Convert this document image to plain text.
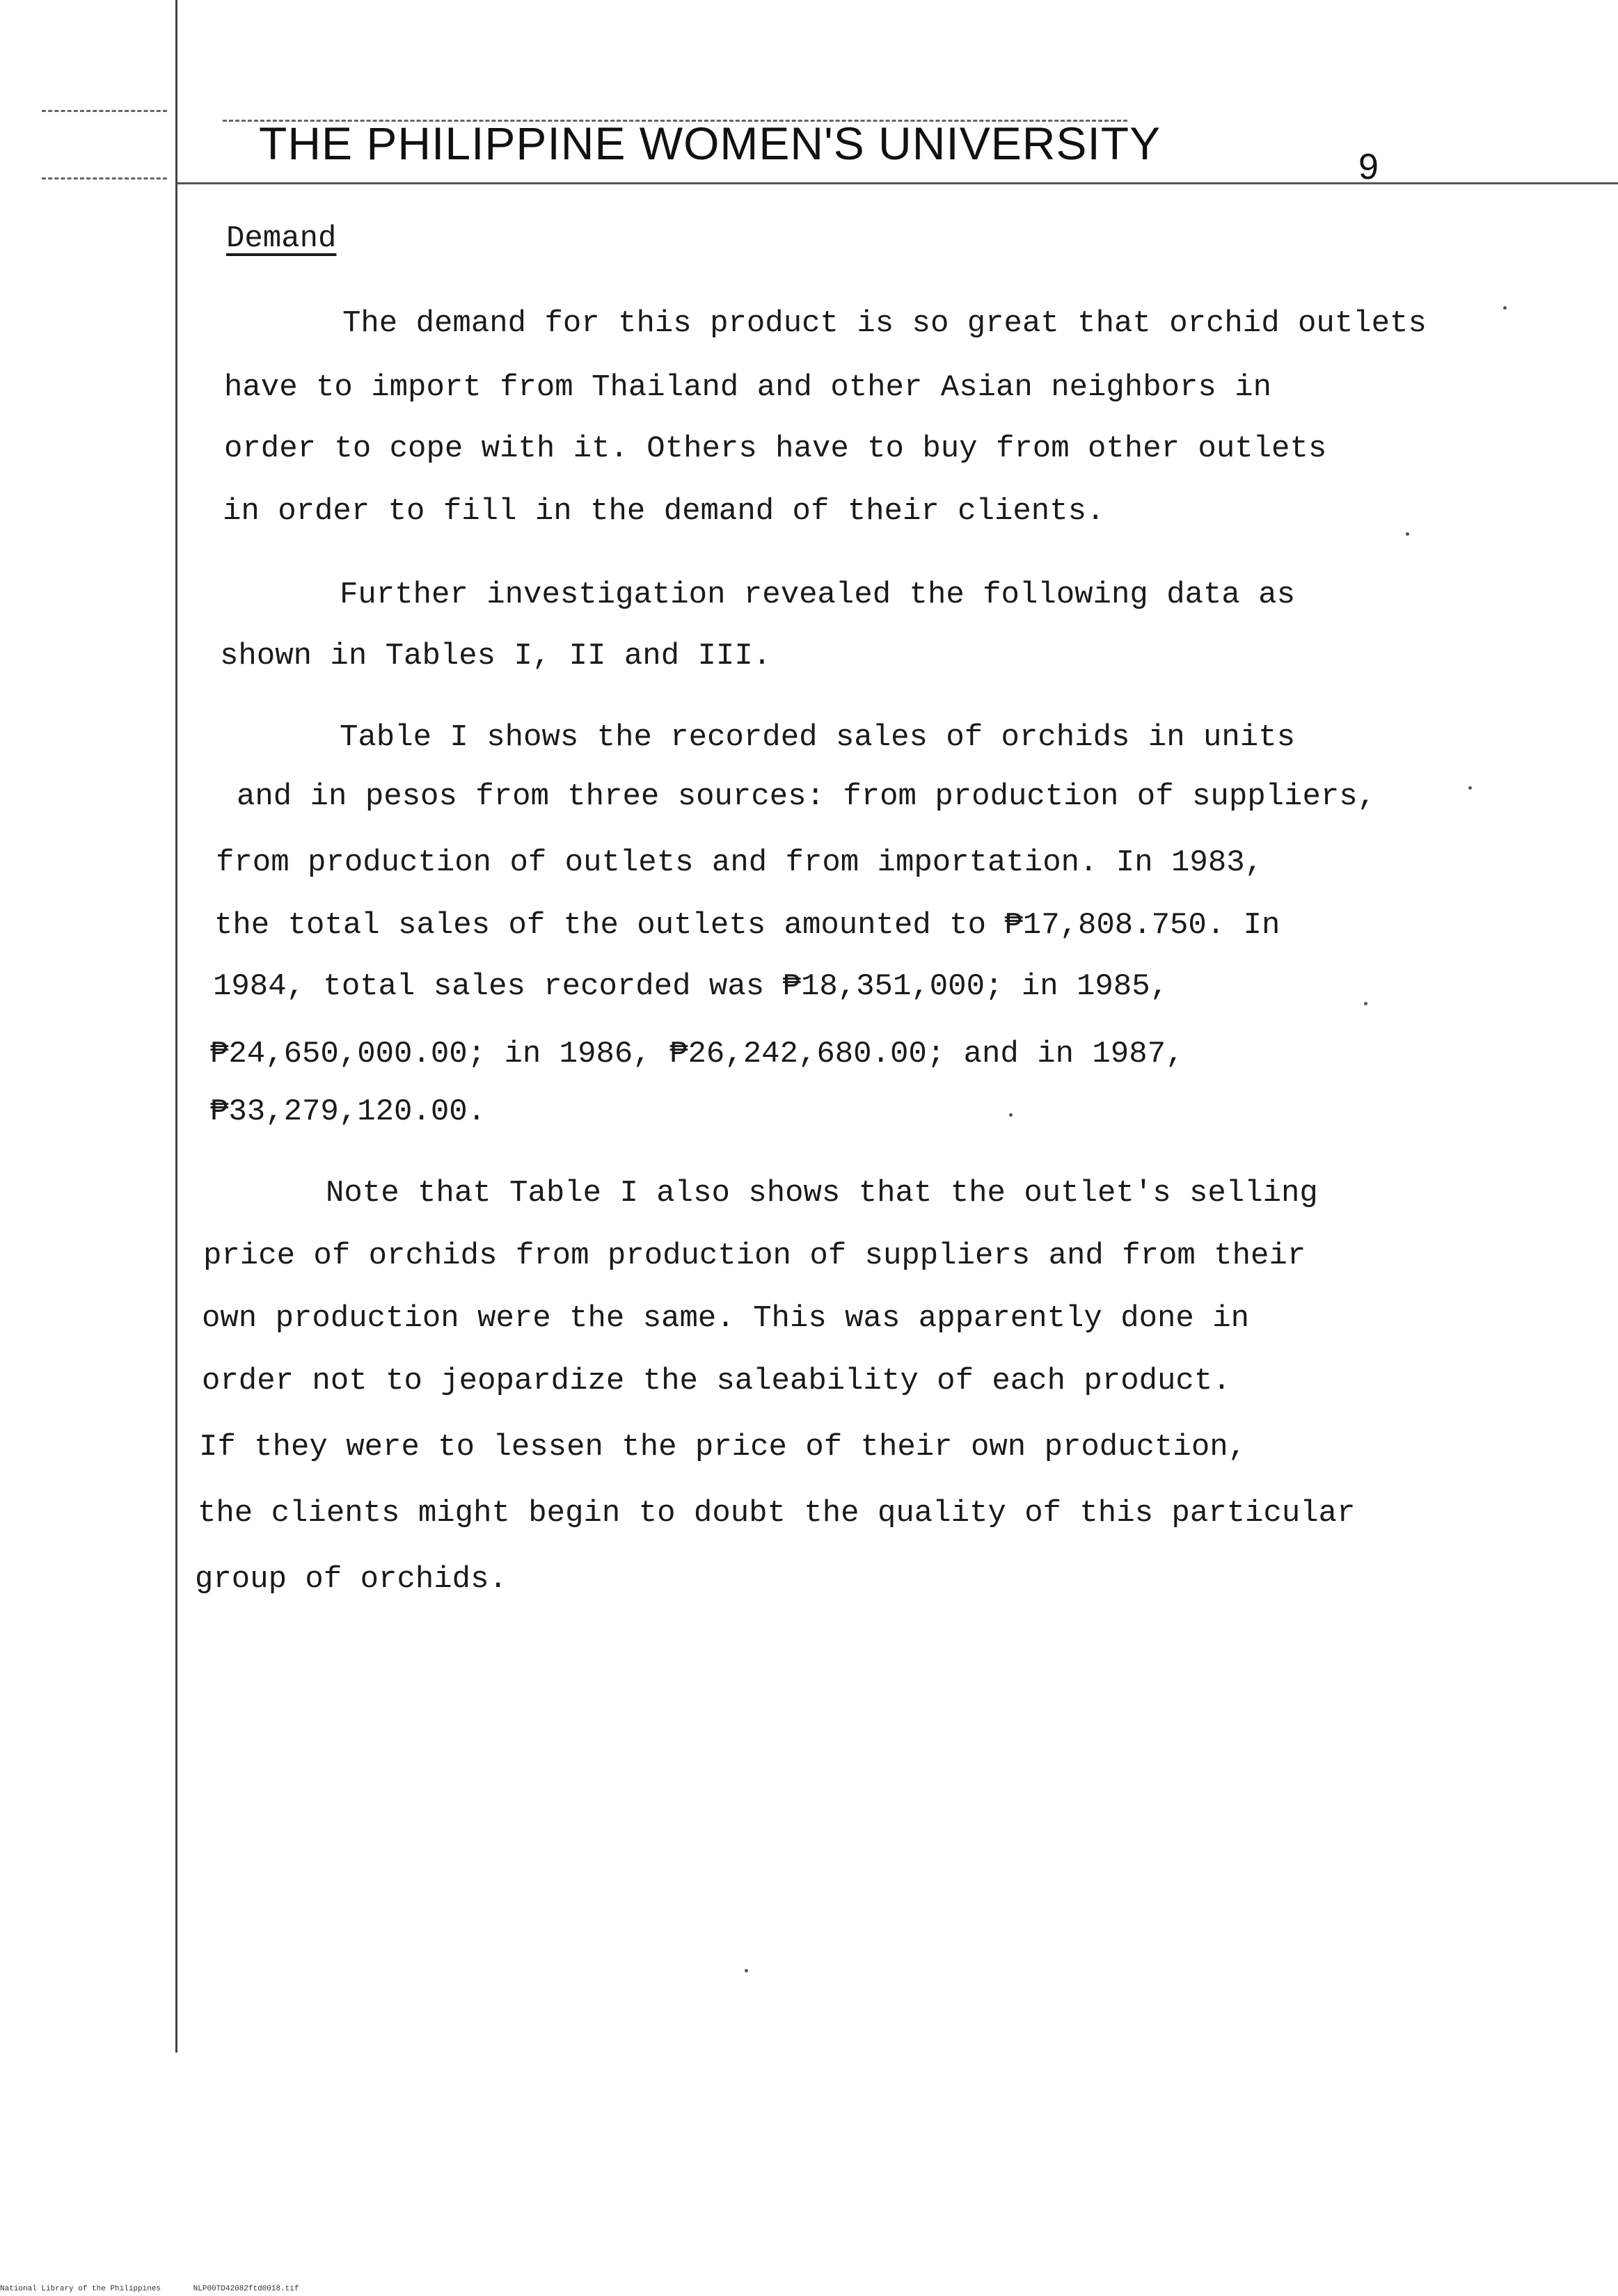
THE PHILIPPINE WOMEN'S UNIVERSITY	9
Demand
The demand for this product is so great that orchid outlets
have to import from Thailand and other Asian neighbors in
order to cope with it. Others have to buy from other outlets
in order to fill in the demand of their clients.
Further investigation revealed the following data as
shown in Tables I, II and III.
Table I shows the recorded sales of orchids in units
and in pesos from three sources: from production of suppliers,
from production of outlets and from importation. In 1983,
the total sales of the outlets amounted to ₱17,808.750. In
1984, total sales recorded was ₱18,351,000; in 1985,
₱24,650,000.00; in 1986, ₱26,242,680.00; and in 1987,
₱33,279,120.00.
Note that Table I also shows that the outlet's selling
price of orchids from production of suppliers and from their
own production were the same. This was apparently done in
order not to jeopardize the saleability of each product.
If they were to lessen the price of their own production,
the clients might begin to doubt the quality of this particular
group of orchids.
National Library of the Philippines	NLP00TD42082ftd0018.tif
